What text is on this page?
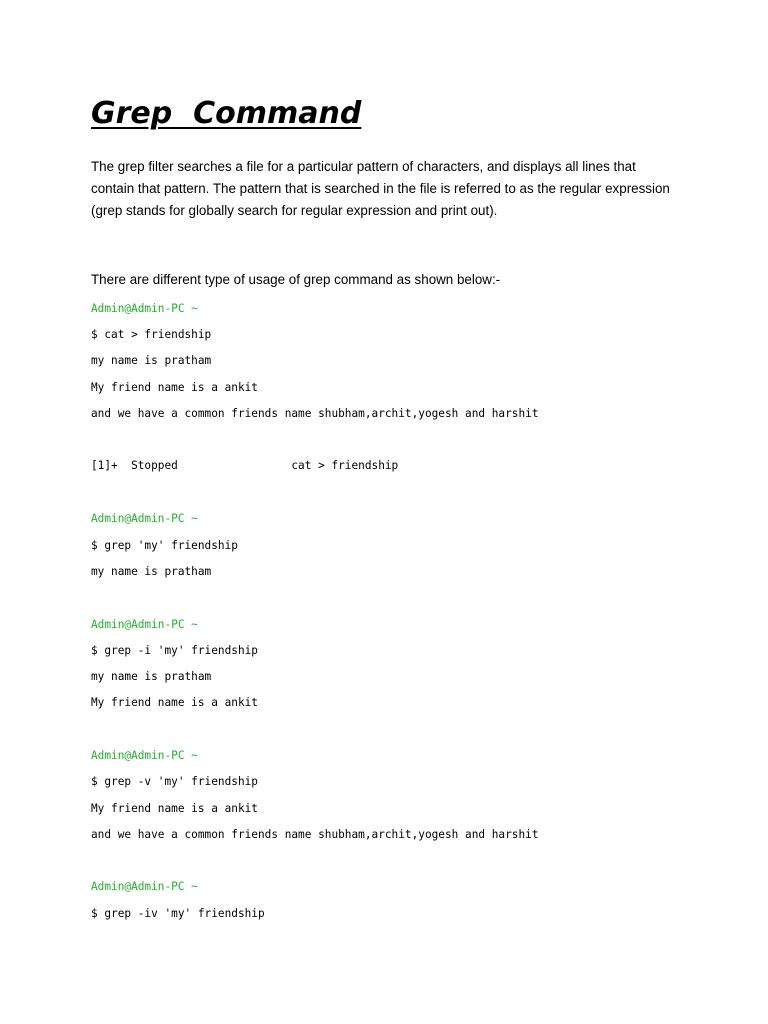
Grep  Command

The grep filter searches a file for a particular pattern of characters, and displays all lines that contain that pattern. The pattern that is searched in the file is referred to as the regular expression (grep stands for globally search for regular expression and print out).

There are different type of usage of grep command as shown below:-

Admin@Admin-PC ~
$ cat > friendship
my name is pratham
My friend name is a ankit
and we have a common friends name shubham,archit,yogesh and harshit
[1]+  Stopped                 cat > friendship
Admin@Admin-PC ~
$ grep 'my' friendship
my name is pratham
Admin@Admin-PC ~
$ grep -i 'my' friendship
my name is pratham
My friend name is a ankit
Admin@Admin-PC ~
$ grep -v 'my' friendship
My friend name is a ankit
and we have a common friends name shubham,archit,yogesh and harshit
Admin@Admin-PC ~
$ grep -iv 'my' friendship
